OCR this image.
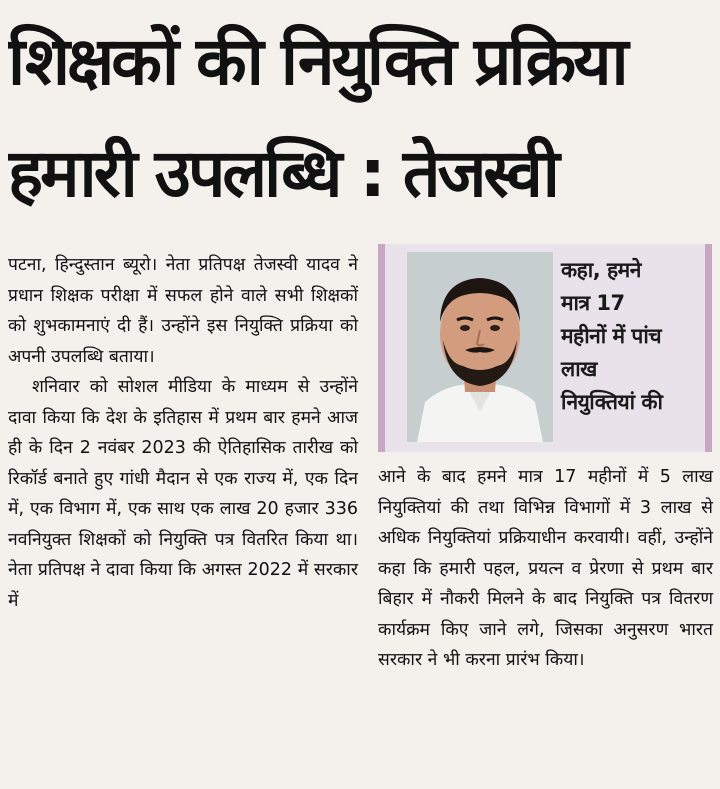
शिक्षकों की नियुक्ति प्रक्रिया
हमारी उपलब्धि : तेजस्वी

पटना, हिन्दुस्तान ब्यूरो। नेता प्रतिपक्ष तेजस्वी यादव ने प्रधान शिक्षक परीक्षा में सफल होने वाले सभी शिक्षकों को शुभकामनाएं दी हैं। उन्होंने इस नियुक्ति प्रक्रिया को अपनी उपलब्धि बताया।

शनिवार को सोशल मीडिया के माध्यम से उन्होंने दावा किया कि देश के इतिहास में प्रथम बार हमने आज ही के दिन 2 नवंबर 2023 की ऐतिहासिक तारीख को रिकॉर्ड बनाते हुए गांधी मैदान से एक राज्य में, एक दिन में, एक विभाग में, एक साथ एक लाख 20 हजार 336 नवनियुक्त शिक्षकों को नियुक्ति पत्र वितरित किया था। नेता प्रतिपक्ष ने दावा किया कि अगस्त 2022 में सरकार में

कहा, हमने
मात्र 17
महीनों में पांच
लाख
नियुक्तियां की
आने के बाद हमने मात्र 17 महीनों में 5 लाख नियुक्तियां की तथा विभिन्न विभागों में 3 लाख से अधिक नियुक्तियां प्रक्रियाधीन करवायी। वहीं, उन्होंने कहा कि हमारी पहल, प्रयत्न व प्रेरणा से प्रथम बार बिहार में नौकरी मिलने के बाद नियुक्ति पत्र वितरण कार्यक्रम किए जाने लगे, जिसका अनुसरण भारत सरकार ने भी करना प्रारंभ किया।
